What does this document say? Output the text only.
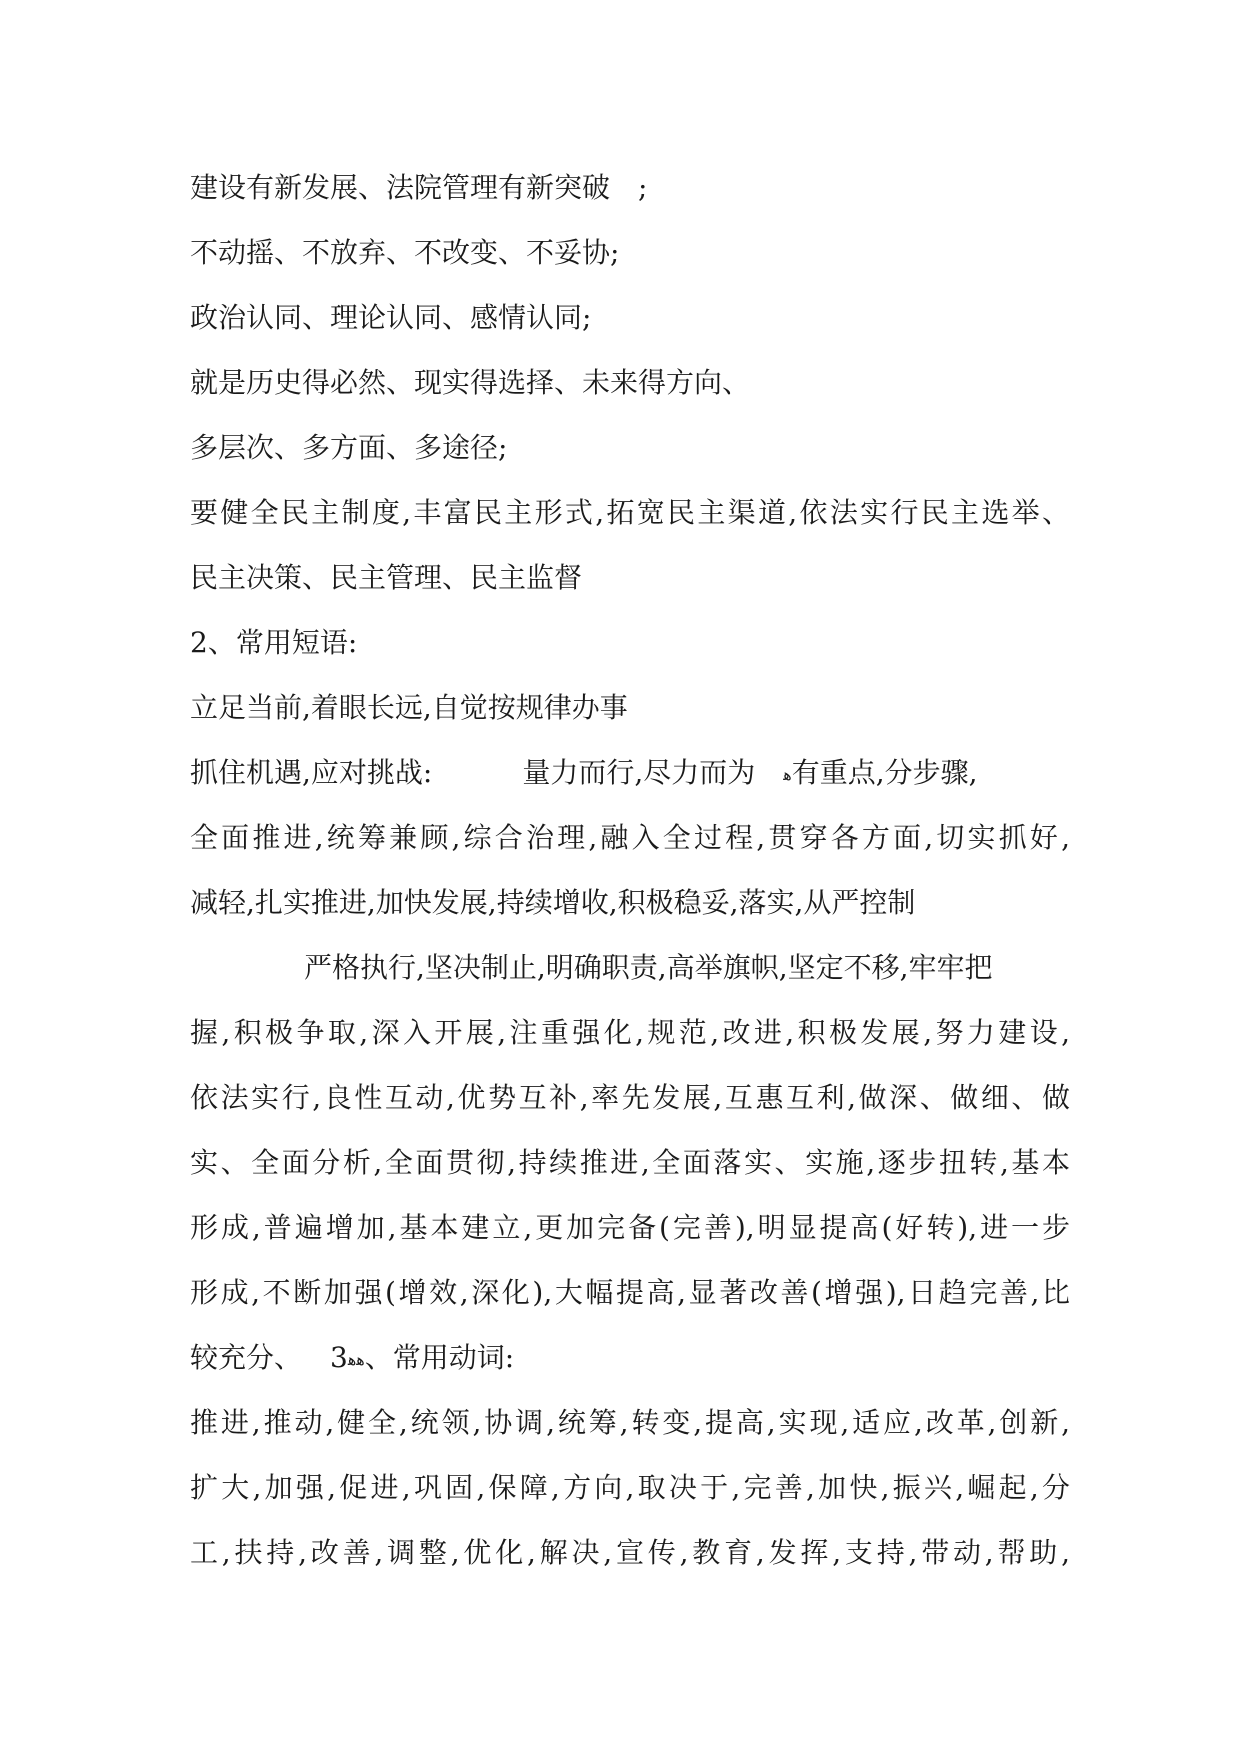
建设有新发展、法院管理有新突破 ;
不动摇、不放弃、不改变、不妥协;
政治认同、理论认同、感情认同;
就是历史得必然、现实得选择、未来得方向、
多层次、多方面、多途径;
要健全民主制度,丰富民主形式,拓宽民主渠道,依法实行民主选举、
民主决策、民主管理、民主监督
2、常用短语:
立足当前,着眼长远,自觉按规律办事
抓住机遇,应对挑战:	量力而行,尽力而为 ﻫ有重点,分步骤,
全面推进,统筹兼顾,综合治理,融入全过程,贯穿各方面,切实抓好,
减轻,扎实推进,加快发展,持续增收,积极稳妥,落实,从严控制
严格执行,坚决制止,明确职责,高举旗帜,坚定不移,牢牢把
握,积极争取,深入开展,注重强化,规范,改进,积极发展,努力建设,
依法实行,良性互动,优势互补,率先发展,互惠互利,做深、做细、做
实、全面分析,全面贯彻,持续推进,全面落实、实施,逐步扭转,基本
形成,普遍增加,基本建立,更加完备(完善),明显提高(好转),进一步
形成,不断加强(增效,深化),大幅提高,显著改善(增强),日趋完善,比
较充分、 3ﻫﻫ、常用动词:
推进,推动,健全,统领,协调,统筹,转变,提高,实现,适应,改革,创新,
扩大,加强,促进,巩固,保障,方向,取决于,完善,加快,振兴,崛起,分
工,扶持,改善,调整,优化,解决,宣传,教育,发挥,支持,带动,帮助,
